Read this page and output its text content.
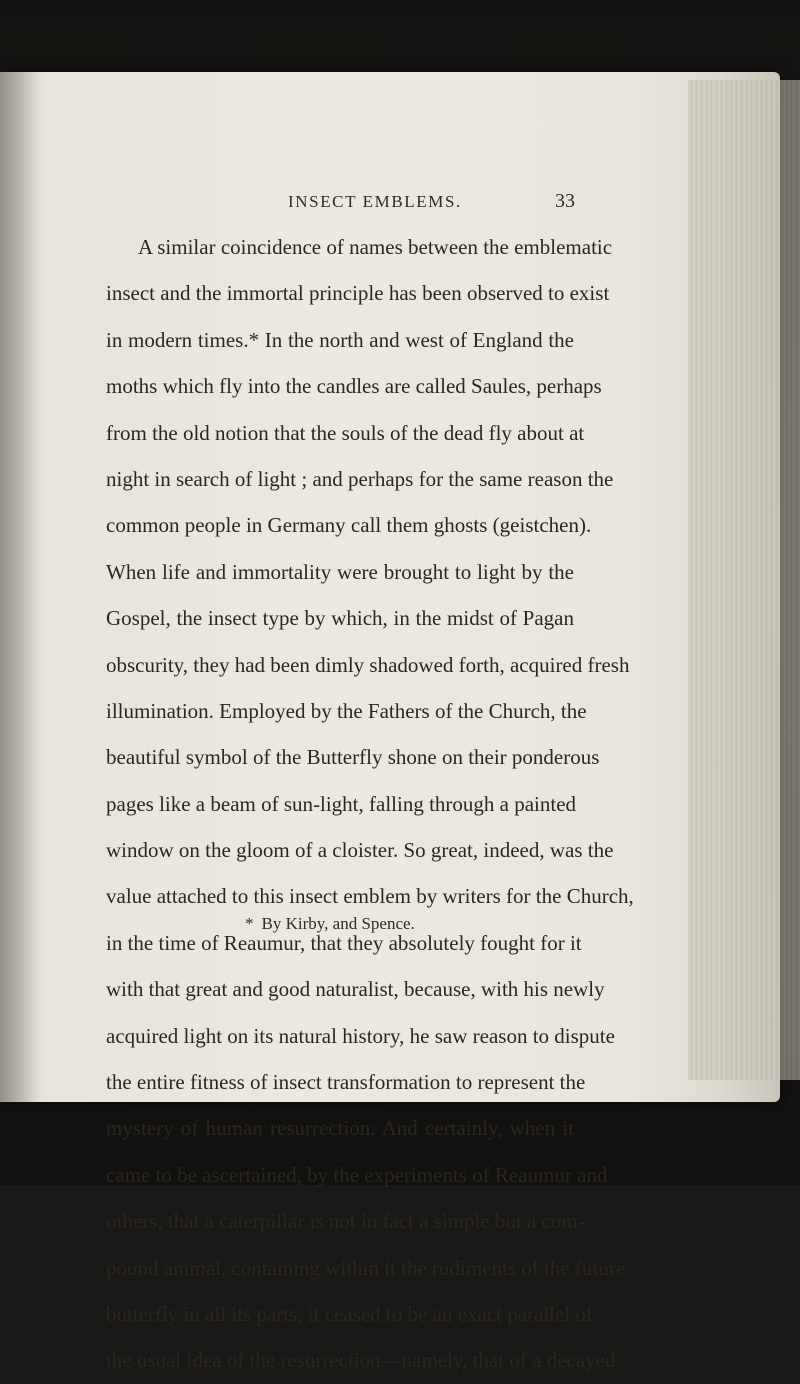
INSECT EMBLEMS.	33
A similar coincidence of names between the emblematic
insect and the immortal principle has been observed to exist
in modern times.* In the north and west of England the
moths which fly into the candles are called Saules, perhaps
from the old notion that the souls of the dead fly about at
night in search of light ; and perhaps for the same reason the
common people in Germany call them ghosts (geistchen).
When life and immortality were brought to light by the
Gospel, the insect type by which, in the midst of Pagan
obscurity, they had been dimly shadowed forth, acquired fresh
illumination. Employed by the Fathers of the Church, the
beautiful symbol of the Butterfly shone on their ponderous
pages like a beam of sun-light, falling through a painted
window on the gloom of a cloister. So great, indeed, was the
value attached to this insect emblem by writers for the Church,
in the time of Reaumur, that they absolutely fought for it
with that great and good naturalist, because, with his newly
acquired light on its natural history, he saw reason to dispute
the entire fitness of insect transformation to represent the
mystery of human resurrection. And certainly, when it
came to be ascertained, by the experiments of Reaumur and
others, that a caterpillar is not in fact a simple but a com-
pound animal, containing within it the rudiments of the future
butterfly in all its parts, it ceased to be an exact parallel of
the usual idea of the resurrection—namely, that of a decayed
* By Kirby, and Spence.
